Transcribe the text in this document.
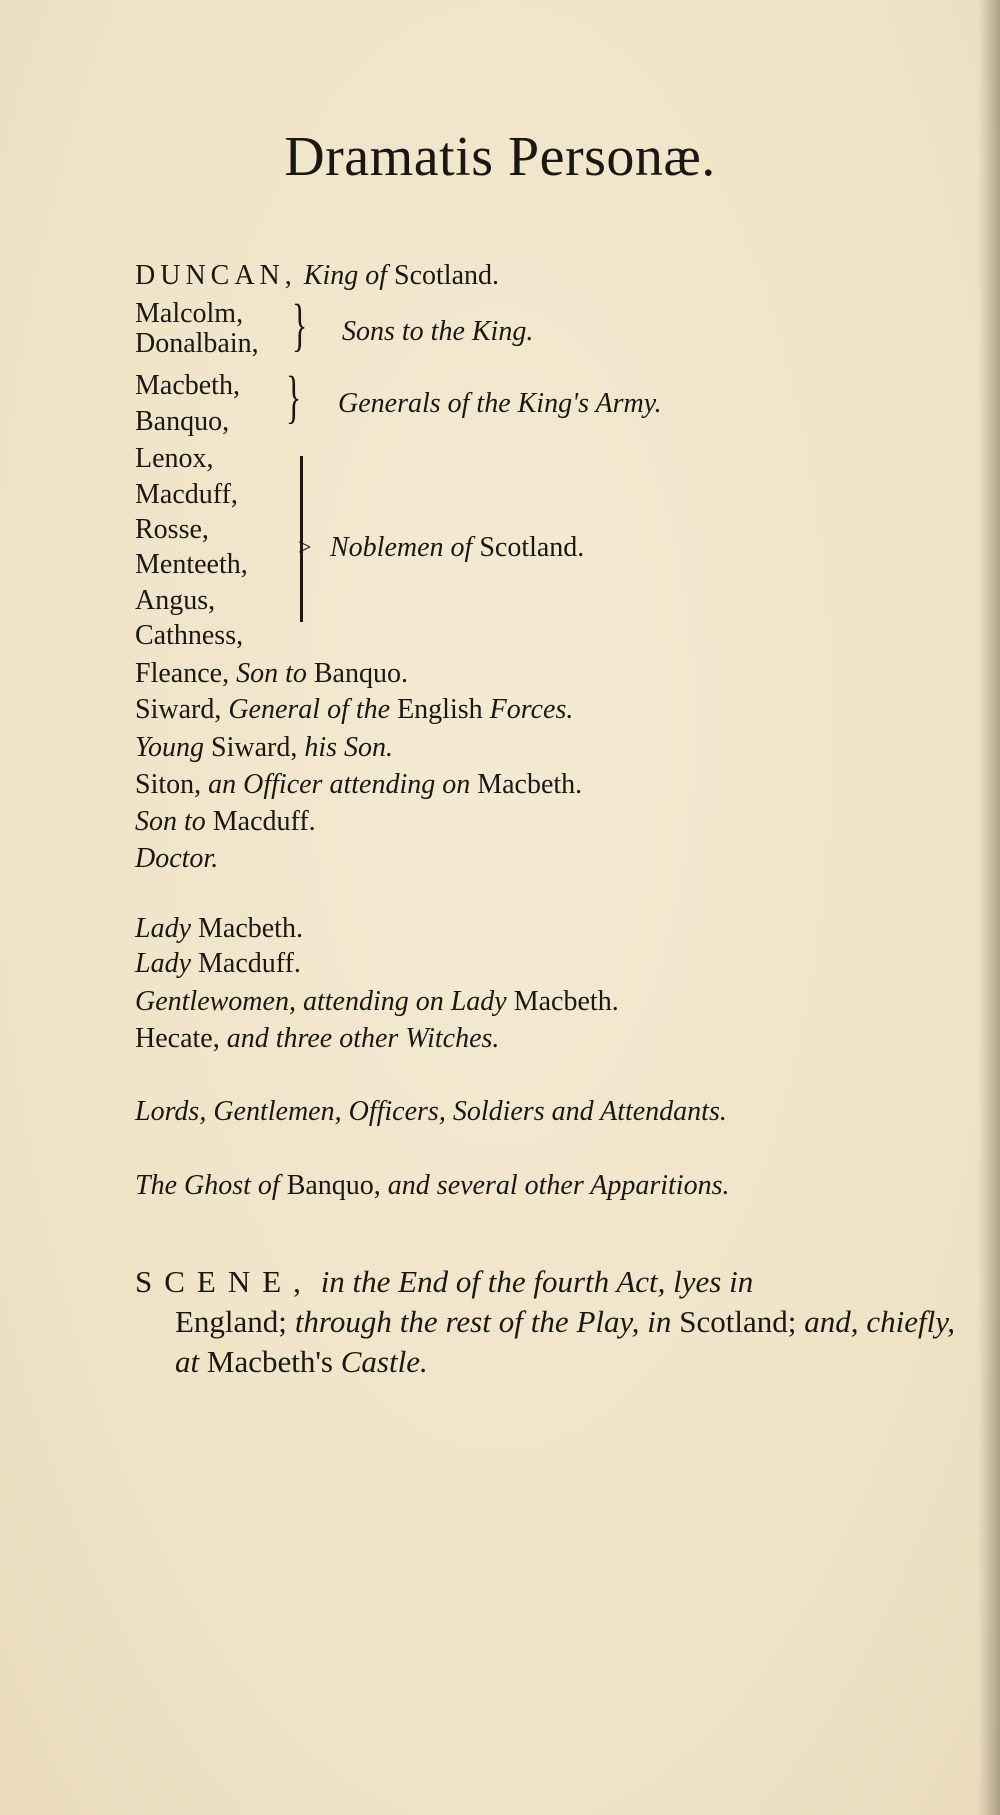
Dramatis Personæ.
DUNCAN, King of Scotland.
Malcolm,
Donalbain, } Sons to the King.
Macbeth,
Banquo, } Generals of the King's Army.
Lenox,
Macduff,
Rosse,
Menteeth,
Angus,
Cathness,
> Noblemen of Scotland.
Fleance, Son to Banquo.
Siward, General of the English Forces.
Young Siward, his Son.
Siton, an Officer attending on Macbeth.
Son to Macduff.
Doctor.
Lady Macbeth.
Lady Macduff.
Gentlewomen, attending on Lady Macbeth.
Hecate, and three other Witches.
Lords, Gentlemen, Officers, Soldiers and Attendants.
The Ghost of Banquo, and several other Apparitions.
SCENE, in the End of the fourth Act, lyes in
England; through the rest of the Play, in Scotland; and, chiefly, at Macbeth's Castle.
